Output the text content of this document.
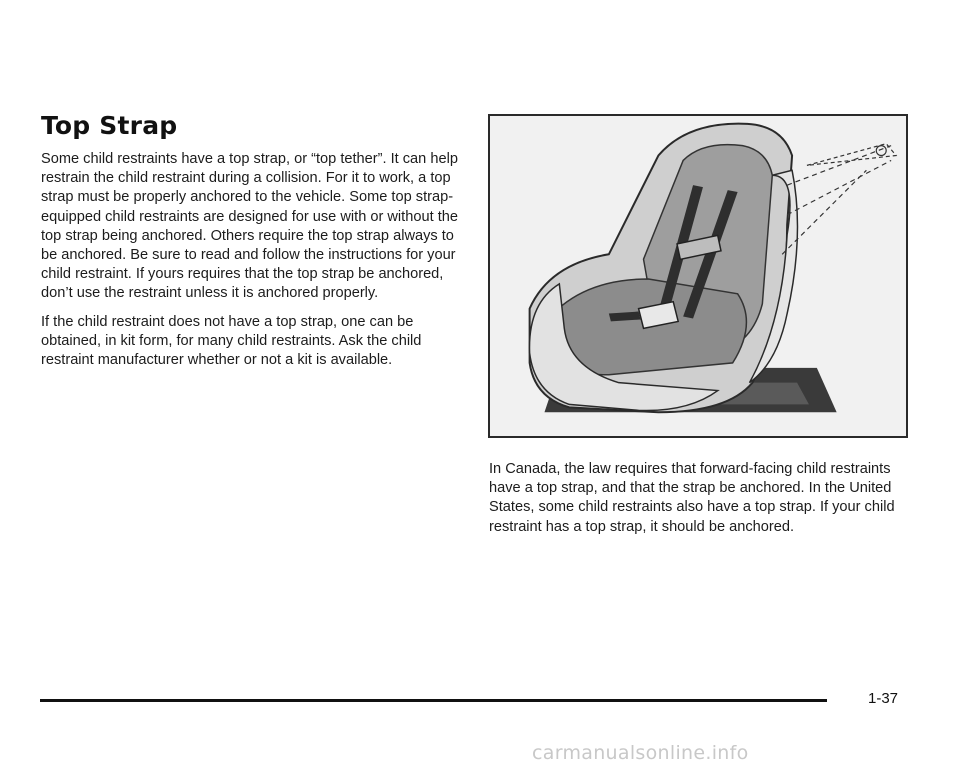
Top Strap

Some child restraints have a top strap, or “top tether”. It can help restrain the child restraint during a collision. For it to work, a top strap must be properly anchored to the vehicle. Some top strap-equipped child restraints are designed for use with or without the top strap being anchored. Others require the top strap always to be anchored. Be sure to read and follow the instructions for your child restraint. If yours requires that the top strap be anchored, don’t use the restraint unless it is anchored properly.

If the child restraint does not have a top strap, one can be obtained, in kit form, for many child restraints. Ask the child restraint manufacturer whether or not a kit is available.

In Canada, the law requires that forward-facing child restraints have a top strap, and that the strap be anchored. In the United States, some child restraints also have a top strap. If your child restraint has a top strap, it should be anchored.

1-37
carmanualsonline.info
